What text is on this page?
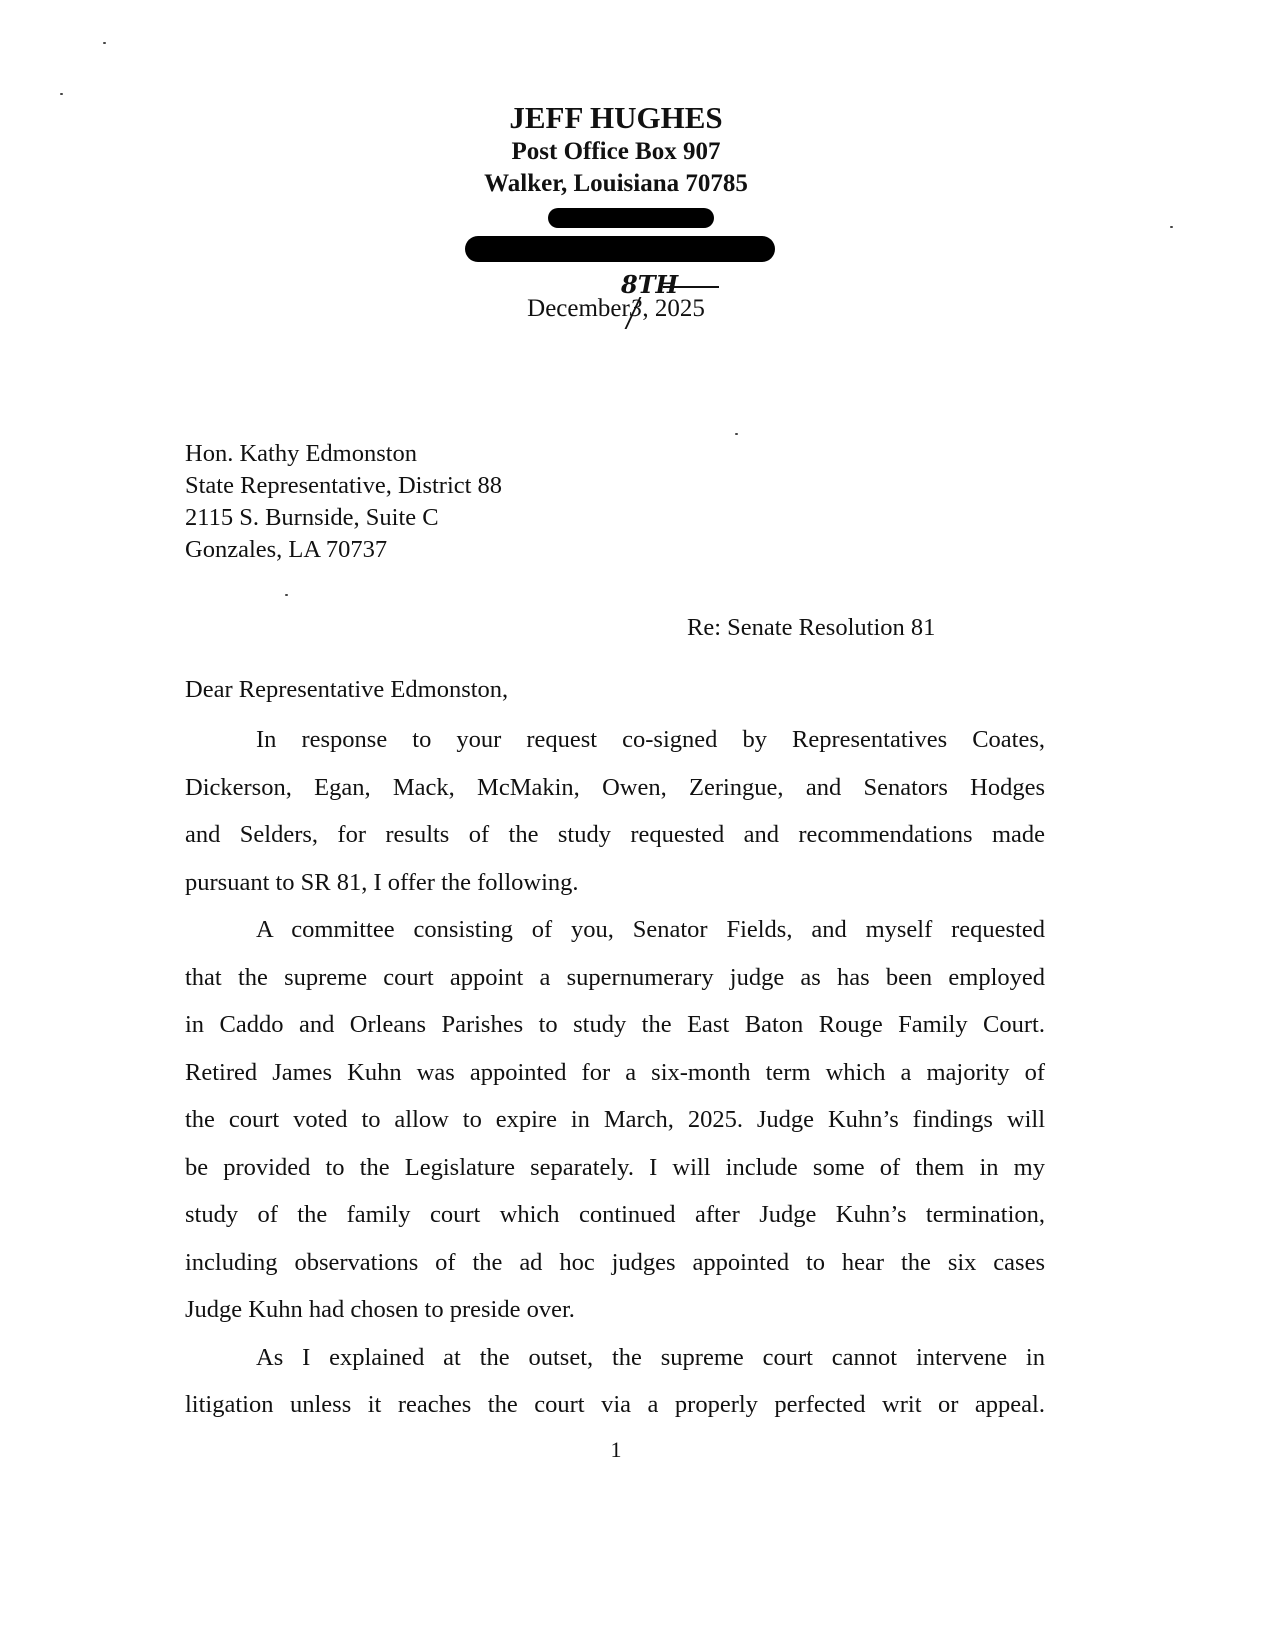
JEFF HUGHES
Post Office Box 907
Walker, Louisiana 70785
8TH
December3, 2025
Hon. Kathy Edmonston
State Representative, District 88
2115 S. Burnside, Suite C
Gonzales, LA 70737
Re: Senate Resolution 81
Dear Representative Edmonston,
In response to your request co-signed by Representatives Coates,
Dickerson, Egan, Mack, McMakin, Owen, Zeringue, and Senators Hodges
and Selders, for results of the study requested and recommendations made
pursuant to SR 81, I offer the following.
A committee consisting of you, Senator Fields, and myself requested
that the supreme court appoint a supernumerary judge as has been employed
in Caddo and Orleans Parishes to study the East Baton Rouge Family Court.
Retired James Kuhn was appointed for a six-month term which a majority of
the court voted to allow to expire in March, 2025. Judge Kuhn’s findings will
be provided to the Legislature separately. I will include some of them in my
study of the family court which continued after Judge Kuhn’s termination,
including observations of the ad hoc judges appointed to hear the six cases
Judge Kuhn had chosen to preside over.
As I explained at the outset, the supreme court cannot intervene in
litigation unless it reaches the court via a properly perfected writ or appeal.
1
